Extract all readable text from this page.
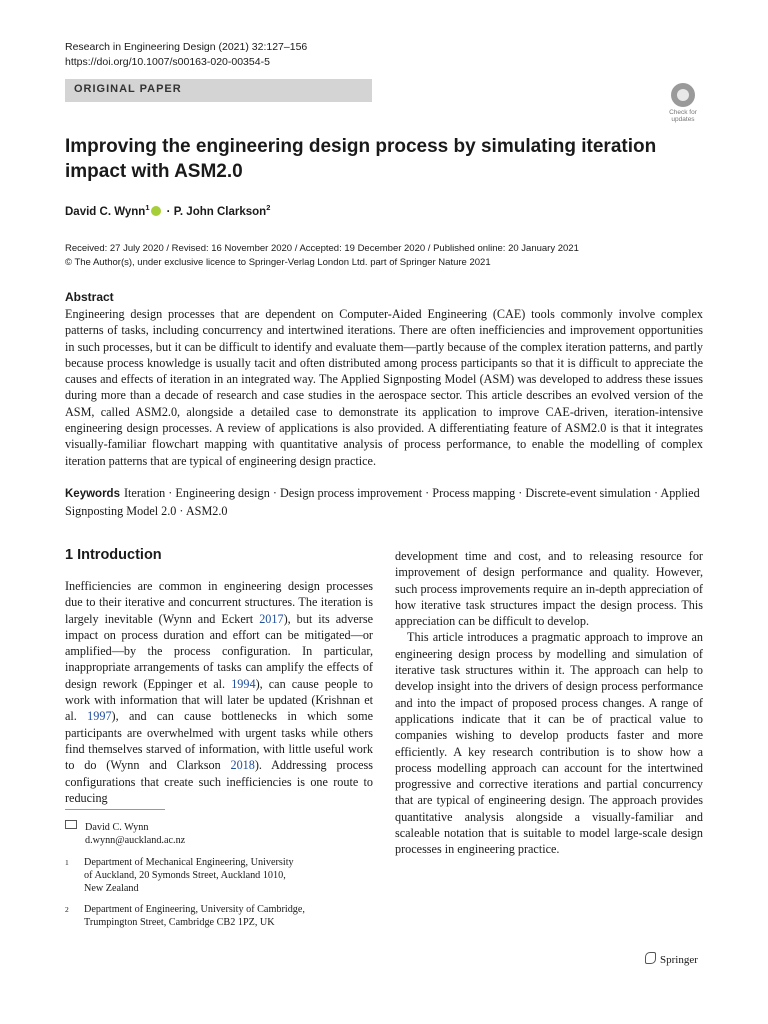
Research in Engineering Design (2021) 32:127–156
https://doi.org/10.1007/s00163-020-00354-5
ORIGINAL PAPER
Check for
updates
Improving the engineering design process by simulating iteration impact with ASM2.0
David C. Wynn$^1$ · P. John Clarkson$^2$
Received: 27 July 2020 / Revised: 16 November 2020 / Accepted: 19 December 2020 / Published online: 20 January 2021
© The Author(s), under exclusive licence to Springer-Verlag London Ltd. part of Springer Nature 2021
Abstract
Engineering design processes that are dependent on Computer-Aided Engineering (CAE) tools commonly involve complex patterns of tasks, including concurrency and intertwined iterations. There are often inefficiencies and improvement opportunities in such processes, but it can be difficult to identify and evaluate them—partly because of the complex iteration patterns, and partly because process knowledge is usually tacit and often distributed among process participants so that it is difficult to appreciate the causes and effects of iteration in an integrated way. The Applied Signposting Model (ASM) was developed to address these issues during more than a decade of research and case studies in the aerospace sector. This article describes an evolved version of the ASM, called ASM2.0, alongside a detailed case to demonstrate its application to improve CAE-driven, iteration-intensive engineering design processes. A review of applications is also provided. A differentiating feature of ASM2.0 is that it integrates visually-familiar flowchart mapping with quantitative analysis of process performance, to enable the modelling of complex iteration patterns that are typical of engineering design practice.
Keywords Iteration · Engineering design · Design process improvement · Process mapping · Discrete-event simulation · Applied Signposting Model 2.0 · ASM2.0
1 Introduction
Inefficiencies are common in engineering design processes due to their iterative and concurrent structures. The iteration is largely inevitable (Wynn and Eckert 2017), but its adverse impact on process duration and effort can be mitigated—or amplified—by the process configuration. In particular, inappropriate arrangements of tasks can amplify the effects of design rework (Eppinger et al. 1994), can cause people to work with information that will later be updated (Krishnan et al. 1997), and can cause bottlenecks in which some participants are overwhelmed with urgent tasks while others find themselves starved of information, with little useful work to do (Wynn and Clarkson 2018). Addressing process configurations that create such inefficiencies is one route to reducing

development time and cost, and to releasing resource for improvement of design performance and quality. However, such process improvements require an in-depth appreciation of how iterative task structures impact the design process. This appreciation can be difficult to develop.

This article introduces a pragmatic approach to improve an engineering design process by modelling and simulation of iterative task structures within it. The approach can help to develop insight into the drivers of design process performance and into the impact of proposed process changes. A range of applications indicate that it can be of practical value to companies wishing to develop products faster and more efficiently. A key research contribution is to show how a process modelling approach can account for the intertwined progressive and corrective iterations and partial concurrency that are typical of engineering design. The approach provides quantitative analysis alongside a visually-familiar and scaleable notation that is suitable to model large-scale design processes in engineering practice.

David C. Wynn
d.wynn@auckland.ac.nz
1 Department of Mechanical Engineering, University
of Auckland, 20 Symonds Street, Auckland 1010,
New Zealand
2 Department of Engineering, University of Cambridge,
Trumpington Street, Cambridge CB2 1PZ, UK
Springer
